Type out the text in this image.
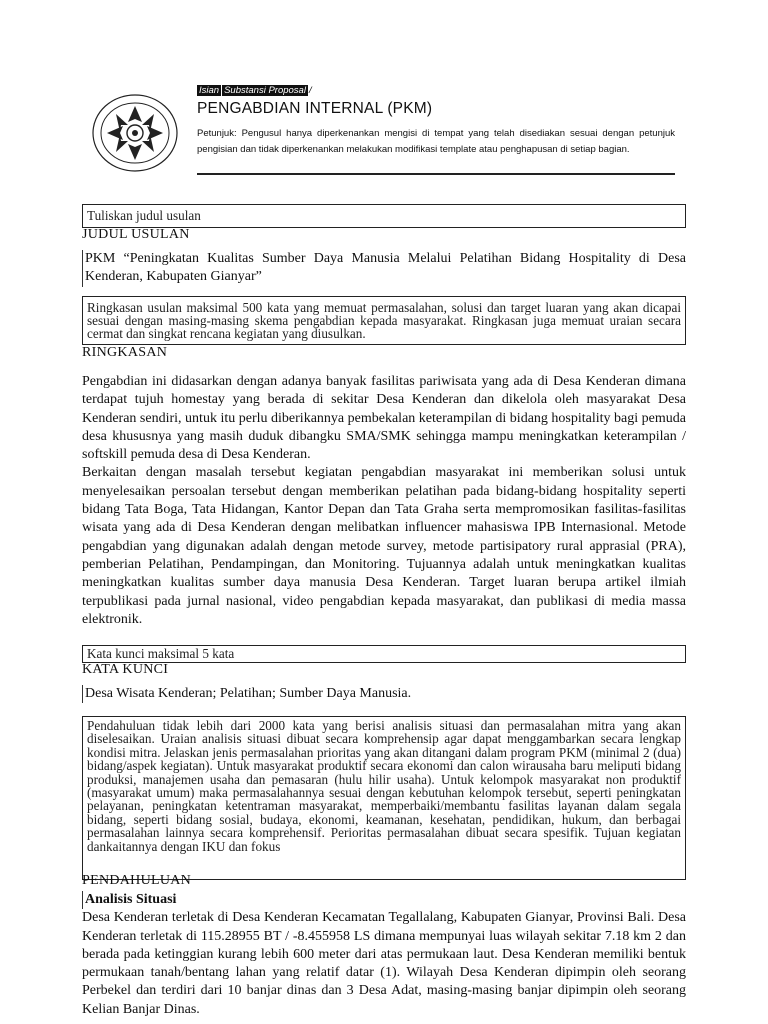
Isian Substansi Proposal /
PENGABDIAN INTERNAL (PKM)
Petunjuk: Pengusul hanya diperkenankan mengisi di tempat yang telah disediakan sesuai dengan petunjuk pengisian dan tidak diperkenankan melakukan modifikasi template atau penghapusan di setiap bagian.

Tuliskan judul usulan

JUDUL USULAN

PKM “Peningkatan Kualitas Sumber Daya Manusia Melalui Pelatihan Bidang Hospitality di Desa Kenderan, Kabupaten Gianyar”

Ringkasan usulan maksimal 500 kata yang memuat permasalahan, solusi dan target luaran yang akan dicapai sesuai dengan masing-masing skema pengabdian kepada masyarakat. Ringkasan juga memuat uraian secara cermat dan singkat rencana kegiatan yang diusulkan.

RINGKASAN

Pengabdian ini didasarkan dengan adanya banyak fasilitas pariwisata yang ada di Desa Kenderan dimana terdapat tujuh homestay yang berada di sekitar Desa Kenderan dan dikelola oleh masyarakat Desa Kenderan sendiri, untuk itu perlu diberikannya pembekalan keterampilan di bidang hospitality bagi pemuda desa khususnya yang masih duduk dibangku SMA/SMK sehingga mampu meningkatkan keterampilan / softskill pemuda desa di Desa Kenderan.

Berkaitan dengan masalah tersebut kegiatan pengabdian masyarakat ini memberikan solusi untuk menyelesaikan persoalan tersebut dengan memberikan pelatihan pada bidang-bidang hospitality seperti bidang Tata Boga, Tata Hidangan, Kantor Depan dan Tata Graha serta mempromosikan fasilitas-fasilitas wisata yang ada di Desa Kenderan dengan melibatkan influencer mahasiswa IPB Internasional. Metode pengabdian yang digunakan adalah dengan metode survey, metode partisipatory rural apprasial (PRA), pemberian Pelatihan, Pendampingan, dan Monitoring. Tujuannya adalah untuk meningkatkan kualitas meningkatkan kualitas sumber daya manusia Desa Kenderan. Target luaran berupa artikel ilmiah terpublikasi pada jurnal nasional, video pengabdian kepada masyarakat, dan publikasi di media massa elektronik.

Kata kunci maksimal 5 kata

KATA KUNCI

Desa Wisata Kenderan; Pelatihan; Sumber Daya Manusia.

Pendahuluan tidak lebih dari 2000 kata yang berisi analisis situasi dan permasalahan mitra yang akan diselesaikan. Uraian analisis situasi dibuat secara komprehensip agar dapat menggambarkan secara lengkap kondisi mitra. Jelaskan jenis permasalahan prioritas yang akan ditangani dalam program PKM (minimal 2 (dua) bidang/aspek kegiatan). Untuk masyarakat produktif secara ekonomi dan calon wirausaha baru meliputi bidang produksi, manajemen usaha dan pemasaran (hulu hilir usaha). Untuk kelompok masyarakat non produktif (masyarakat umum) maka permasalahannya sesuai dengan kebutuhan kelompok tersebut, seperti peningkatan pelayanan, peningkatan ketentraman masyarakat, memperbaiki/membantu fasilitas layanan dalam segala bidang, seperti bidang sosial, budaya, ekonomi, keamanan, kesehatan, pendidikan, hukum, dan berbagai permasalahan lainnya secara komprehensif. Perioritas permasalahan dibuat secara spesifik. Tujuan kegiatan dankaitannya dengan IKU dan fokus

PENDAHULUAN

Analisis Situasi

Desa Kenderan terletak di Desa Kenderan Kecamatan Tegallalang, Kabupaten Gianyar, Provinsi Bali. Desa Kenderan terletak di 115.28955 BT / -8.455958 LS dimana mempunyai luas wilayah sekitar 7.18 km 2 dan berada pada ketinggian kurang lebih 600 meter dari atas permukaan laut. Desa Kenderan memiliki bentuk permukaan tanah/bentang lahan yang relatif datar (1). Wilayah Desa Kenderan dipimpin oleh seorang Perbekel dan terdiri dari 10 banjar dinas dan 3 Desa Adat, masing-masing banjar dipimpin oleh seorang Kelian Banjar Dinas.
